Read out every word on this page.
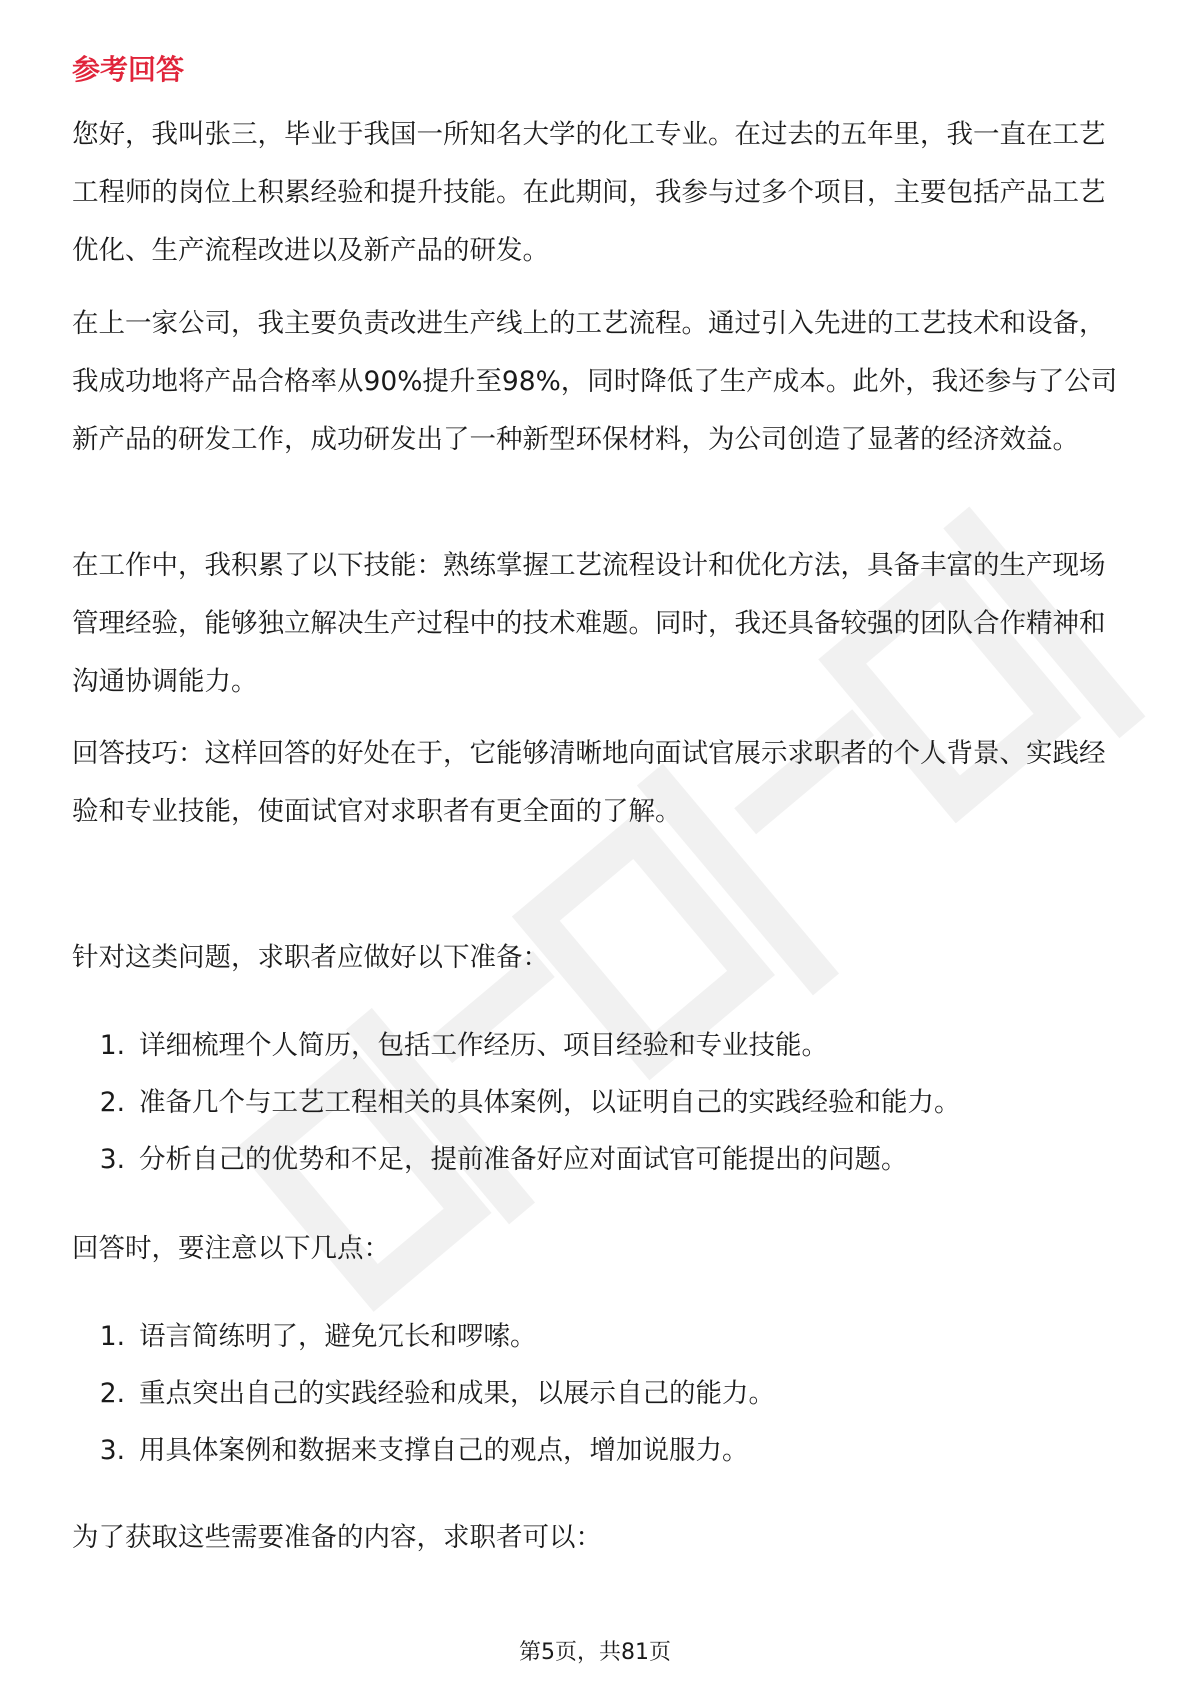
参考回答

您好，我叫张三，毕业于我国一所知名大学的化工专业。在过去的五年里，我一直在工艺工程师的岗位上积累经验和提升技能。在此期间，我参与过多个项目，主要包括产品工艺优化、生产流程改进以及新产品的研发。

在上一家公司，我主要负责改进生产线上的工艺流程。通过引入先进的工艺技术和设备，我成功地将产品合格率从90%提升至98%，同时降低了生产成本。此外，我还参与了公司新产品的研发工作，成功研发出了一种新型环保材料，为公司创造了显著的经济效益。

在工作中，我积累了以下技能：熟练掌握工艺流程设计和优化方法，具备丰富的生产现场管理经验，能够独立解决生产过程中的技术难题。同时，我还具备较强的团队合作精神和沟通协调能力。

回答技巧：这样回答的好处在于，它能够清晰地向面试官展示求职者的个人背景、实践经验和专业技能，使面试官对求职者有更全面的了解。

针对这类问题，求职者应做好以下准备：
1. 详细梳理个人简历，包括工作经历、项目经验和专业技能。
2. 准备几个与工艺工程相关的具体案例，以证明自己的实践经验和能力。
3. 分析自己的优势和不足，提前准备好应对面试官可能提出的问题。
回答时，要注意以下几点：
1. 语言简练明了，避免冗长和啰嗦。
2. 重点突出自己的实践经验和成果，以展示自己的能力。
3. 用具体案例和数据来支撑自己的观点，增加说服力。
为了获取这些需要准备的内容，求职者可以：
第5页，共81页
